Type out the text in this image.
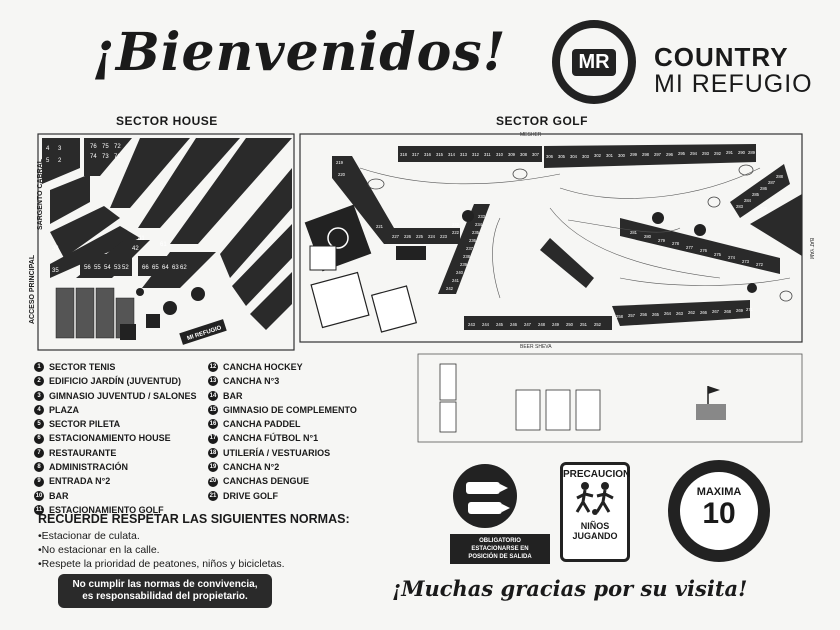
¡Bienvenidos!	MR COUNTRY
MI REFUGIO
SECTOR HOUSE	SECTOR GOLF
4 3
5 2
76 75
74 73
72
71
36
35	56 55 54 53 52 66 65 64 63 62
61
42
41
SARGENTO CABRAL
ACCESO PRINCIPAL
MI REFUGIO
MESHER
BEER SHEVA
BAT YAM
318 317 316 315 314 313 312 311 310 309 308 307 306 305 304 303 302 301 300 299 298 297 296 295 294 293 292 291 290 289
243 244 245 246 247 248 249 250 251 252
258 257 256 265 264 263 262 266 267 268 269 271
281
280
279
278
277
276
275
274
273
272
288
287
286
285
284
283	282
219
220
227 226 225 224 223
222
221	232
233
234
235
236
237
238
239
240
241
242
1 SECTOR TENIS
2 EDIFICIO JARDÍN (JUVENTUD)
3 GIMNASIO JUVENTUD / SALONES
4 PLAZA
5 SECTOR PILETA
6 ESTACIONAMIENTO HOUSE
7 RESTAURANTE
8 ADMINISTRACIÓN
9 ENTRADA N°2
10 BAR
11 ESTACIONAMIENTO GOLF
12 CANCHA HOCKEY
13 CANCHA N°3
14 BAR
15 GIMNASIO DE COMPLEMENTO
16 CANCHA PADDEL
17 CANCHA FÚTBOL N°1
18 UTILERÍA / VESTUARIOS
19 CANCHA N°2
20 CANCHAS DENGUE
21 DRIVE GOLF
RECUERDE RESPETAR LAS SIGUIENTES NORMAS:
•Estacionar de culata.
•No estacionar en la calle.
•Respete la prioridad de peatones, niños y bicicletas.
No cumplir las normas de convivencia,
es responsabilidad del propietario.
OBLIGATORIO
ESTACIONARSE EN
POSICIÓN DE SALIDA
PRECAUCION
NIÑOS
JUGANDO
MAXIMA
10
¡Muchas gracias por su visita!
